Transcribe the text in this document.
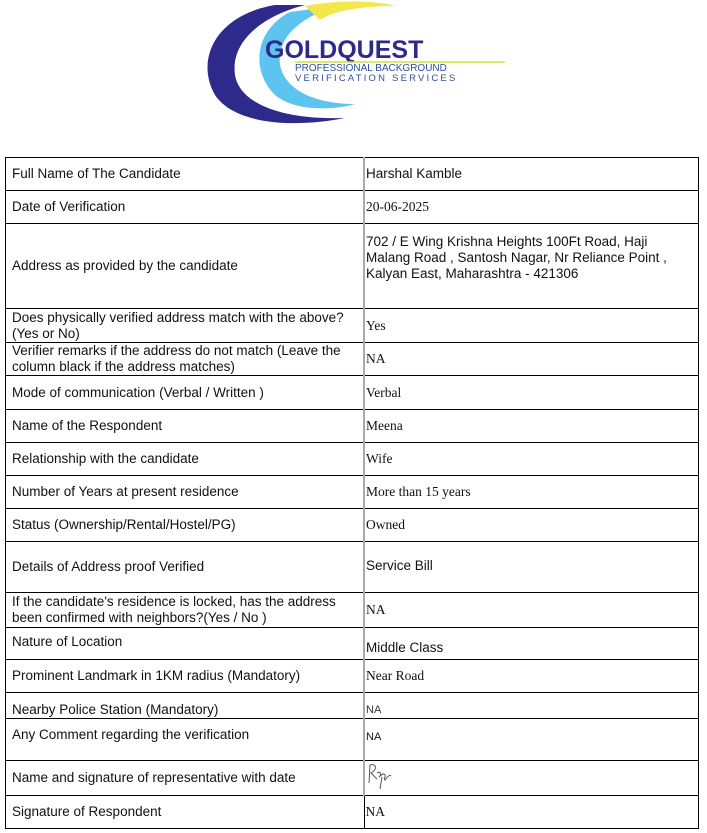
GOLDQUEST
PROFESSIONAL BACKGROUND
VERIFICATION SERVICES
Full Name of The Candidate	Harshal Kamble
Date of Verification	20-06-2025
Address as provided by the candidate	702 / E Wing Krishna Heights 100Ft Road, Haji Malang Road , Santosh Nagar, Nr Reliance Point , Kalyan East, Maharashtra - 421306
Does physically verified address match with the above? (Yes or No)	Yes
Verifier remarks if the address do not match (Leave the column black if the address matches)	NA
Mode of communication (Verbal / Written )	Verbal
Name of the Respondent	Meena
Relationship with the candidate	Wife
Number of Years at present residence	More than 15 years
Status (Ownership/Rental/Hostel/PG)	Owned
Details of Address proof Verified	Service Bill
If the candidate's residence is locked, has the address been confirmed with neighbors?(Yes / No )	NA
Nature of Location	Middle Class
Prominent Landmark in 1KM radius (Mandatory)	Near Road
Nearby Police Station (Mandatory)	NA
Any Comment regarding the verification	NA
Name and signature of representative with date	
Signature of Respondent	NA
